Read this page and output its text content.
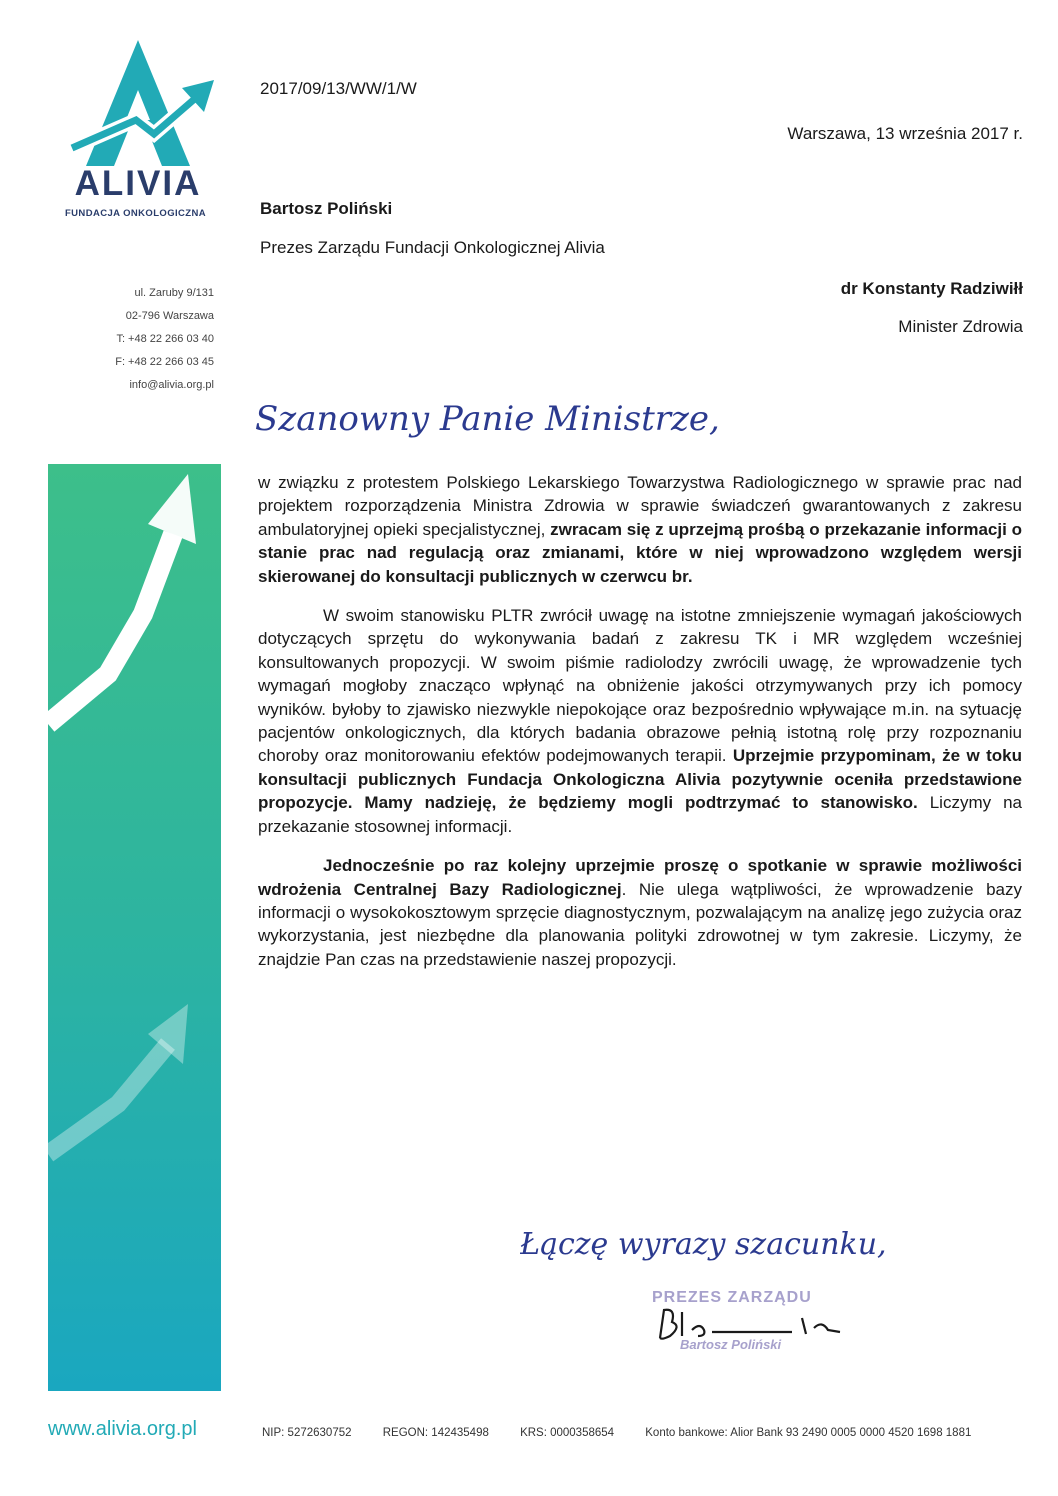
ALIVIA
FUNDACJA ONKOLOGICZNA
ul. Zaruby 9/131
02-796 Warszawa
T: +48 22 266 03 40
F: +48 22 266 03 45
info@alivia.org.pl
www.alivia.org.pl
2017/09/13/WW/1/W
Warszawa, 13 września 2017 r.
Bartosz Poliński
Prezes Zarządu Fundacji Onkologicznej Alivia
dr Konstanty Radziwiłł
Minister Zdrowia
Szanowny Panie Ministrze,

w związku z protestem Polskiego Lekarskiego Towarzystwa Radiologicznego w sprawie prac nad projektem rozporządzenia Ministra Zdrowia w sprawie świadczeń gwarantowanych z zakresu ambulatoryjnej opieki specjalistycznej, zwracam się z uprzejmą prośbą o przekazanie informacji o stanie prac nad regulacją oraz zmianami, które w niej wprowadzono względem wersji skierowanej do konsultacji publicznych w czerwcu br.

W swoim stanowisku PLTR zwrócił uwagę na istotne zmniejszenie wymagań jakościowych dotyczących sprzętu do wykonywania badań z zakresu TK i MR względem wcześniej konsultowanych propozycji. W swoim piśmie radiolodzy zwrócili uwagę, że wprowadzenie tych wymagań mogłoby znacząco wpłynąć na obniżenie jakości otrzymywanych przy ich pomocy wyników. byłoby to zjawisko niezwykle niepokojące oraz bezpośrednio wpływające m.in. na sytuację pacjentów onkologicznych, dla których badania obrazowe pełnią istotną rolę przy rozpoznaniu choroby oraz monitorowaniu efektów podejmowanych terapii. Uprzejmie przypominam, że w toku konsultacji publicznych Fundacja Onkologiczna Alivia pozytywnie oceniła przedstawione propozycje. Mamy nadzieję, że będziemy mogli podtrzymać to stanowisko. Liczymy na przekazanie stosownej informacji.

Jednocześnie po raz kolejny uprzejmie proszę o spotkanie w sprawie możliwości wdrożenia Centralnej Bazy Radiologicznej. Nie ulega wątpliwości, że wprowadzenie bazy informacji o wysokokosztowym sprzęcie diagnostycznym, pozwalającym na analizę jego zużycia oraz wykorzystania, jest niezbędne dla planowania polityki zdrowotnej w tym zakresie. Liczymy, że znajdzie Pan czas na przedstawienie naszej propozycji.

Łączę wyrazy szacunku,
PREZES ZARZĄDU
Bartosz Poliński
NIP: 5272630752	REGON: 142435498	KRS: 0000358654	Konto bankowe: Alior Bank 93 2490 0005 0000 4520 1698 1881
